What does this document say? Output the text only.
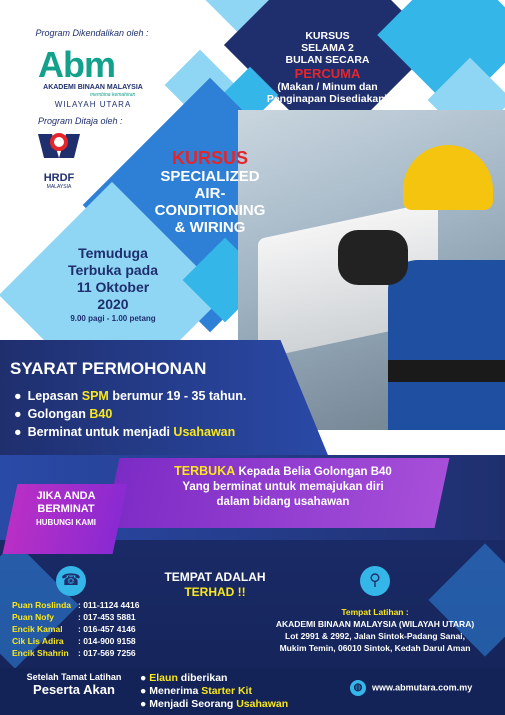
Program Dikendalikan oleh :
Abm
AKADEMI BINAAN MALAYSIA
membina kemahiran
WILAYAH UTARA
Program Ditaja oleh :
HRDF
MALAYSIA
KURSUS
SELAMA 2
BULAN SECARA
PERCUMA
(Makan / Minum dan Penginapan Disediakan)
KURSUS
SPECIALIZED
AIR-CONDITIONING
& WIRING
Temuduga
Terbuka pada
11 Oktober
2020
9.00 pagi - 1.00 petang
SYARAT PERMOHONAN
● Lepasan SPM berumur 19 - 35 tahun.
● Golongan B40
● Berminat untuk menjadi Usahawan
TERBUKA Kepada Belia Golongan B40
Yang berminat untuk memajukan diri
dalam bidang usahawan
JIKA ANDA
BERMINAT
HUBUNGI KAMI
TEMPAT ADALAH
TERHAD !!
☎	⚲
Puan Roslinda : 011-1124 4416
Puan Nofy	: 017-453 5881
Encik Kamal : 016-457 4146
Cik Lis Adira : 014-900 9158
Encik Shahrin : 017-569 7256
Tempat Latihan :
AKADEMI BINAAN MALAYSIA (WILAYAH UTARA)
Lot 2991 & 2992, Jalan Sintok-Padang Sanai,
Mukim Temin, 06010 Sintok, Kedah Darul Aman
Setelah Tamat Latihan
Peserta Akan
● Elaun diberikan
● Menerima Starter Kit
● Menjadi Seorang Usahawan
◍ www.abmutara.com.my
